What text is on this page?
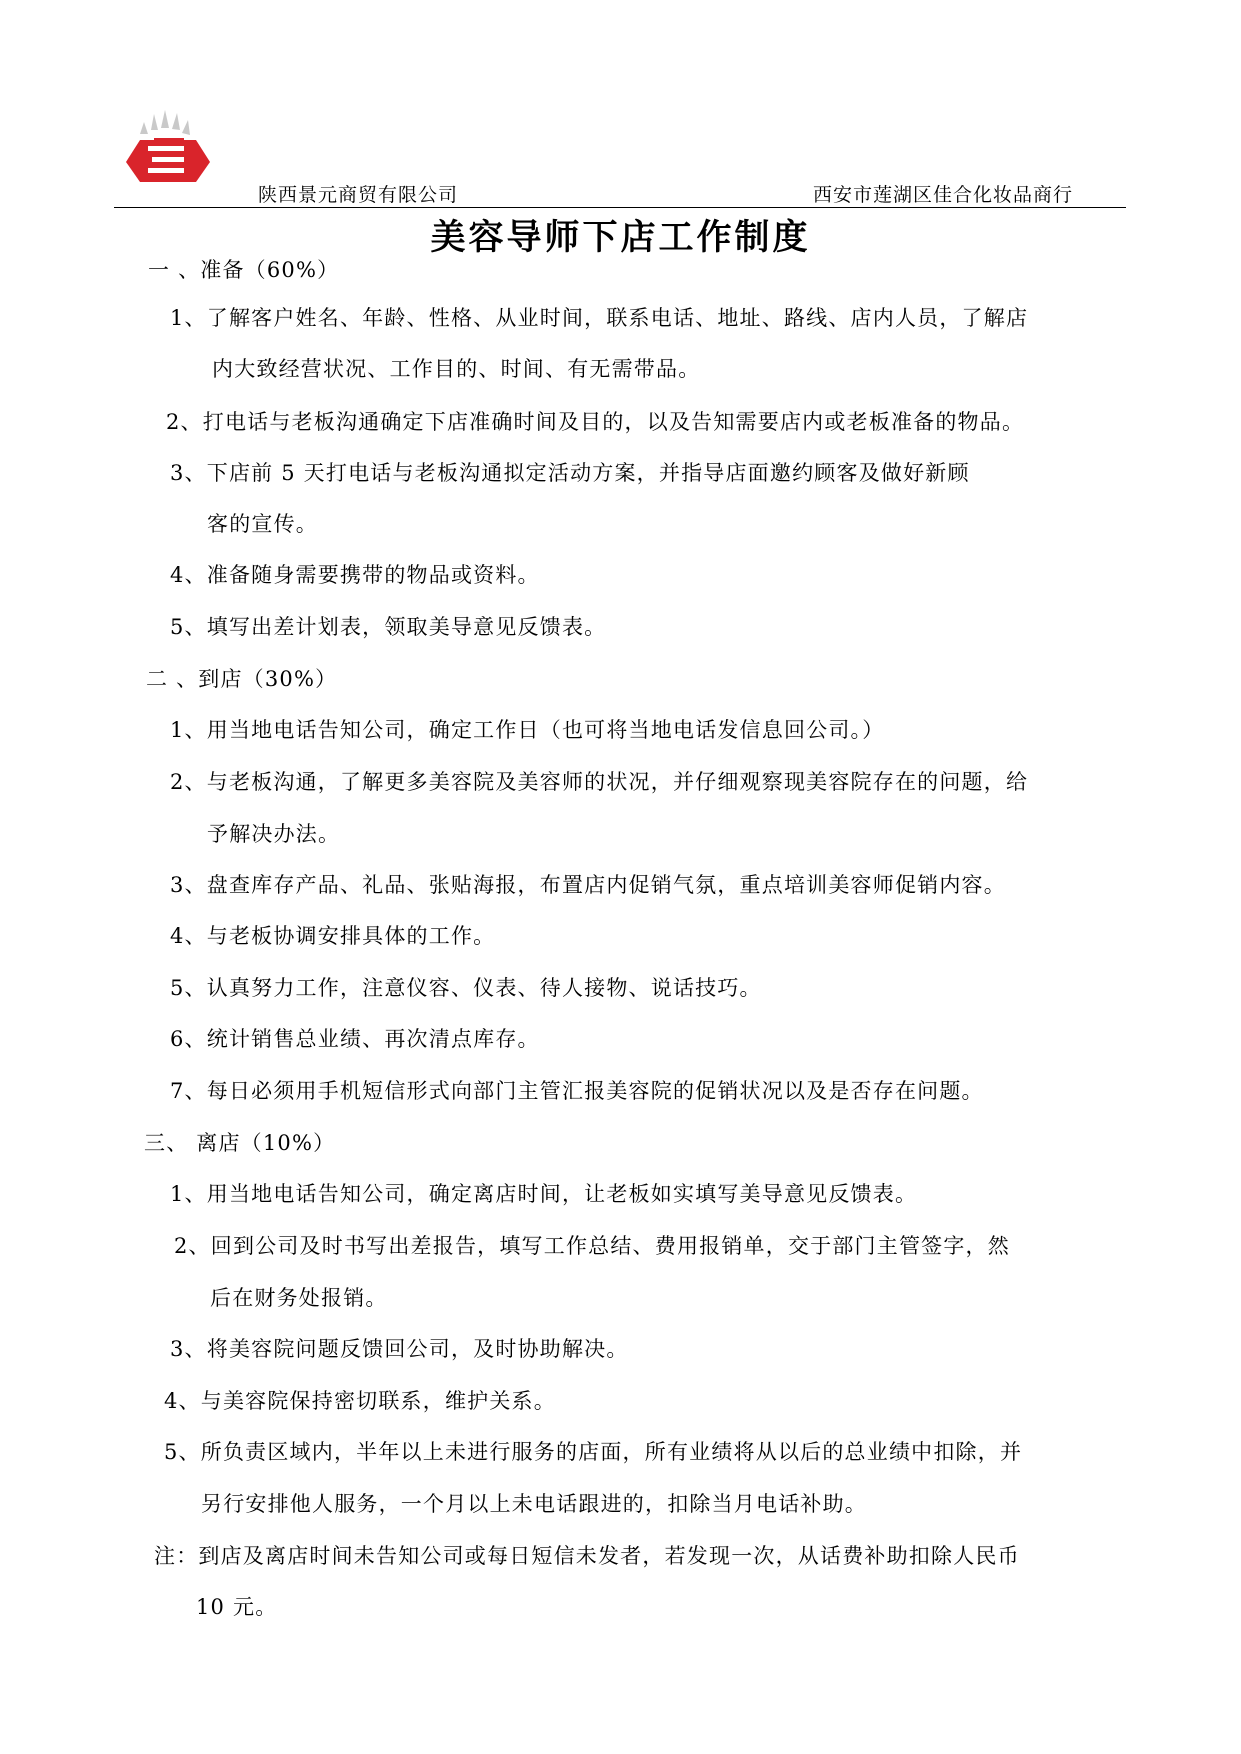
陕西景元商贸有限公司	西安市莲湖区佳合化妆品商行
美容导师下店工作制度
一 、准备（60%）
1、了解客户姓名、年龄、性格、从业时间，联系电话、地址、路线、店内人员，了解店
内大致经营状况、工作目的、时间、有无需带品。
2、打电话与老板沟通确定下店准确时间及目的，以及告知需要店内或老板准备的物品。
3、下店前 5 天打电话与老板沟通拟定活动方案，并指导店面邀约顾客及做好新顾
客的宣传。
4、准备随身需要携带的物品或资料。
5、填写出差计划表，领取美导意见反馈表。
二 、到店（30%）
1、用当地电话告知公司，确定工作日（也可将当地电话发信息回公司。）
2、与老板沟通，了解更多美容院及美容师的状况，并仔细观察现美容院存在的问题，给
予解决办法。
3、盘查库存产品、礼品、张贴海报，布置店内促销气氛，重点培训美容师促销内容。
4、与老板协调安排具体的工作。
5、认真努力工作，注意仪容、仪表、待人接物、说话技巧。
6、统计销售总业绩、再次清点库存。
7、每日必须用手机短信形式向部门主管汇报美容院的促销状况以及是否存在问题。
三、 离店（10%）
1、用当地电话告知公司，确定离店时间，让老板如实填写美导意见反馈表。
2、回到公司及时书写出差报告，填写工作总结、费用报销单，交于部门主管签字，然
后在财务处报销。
3、将美容院问题反馈回公司，及时协助解决。
4、与美容院保持密切联系，维护关系。
5、所负责区域内，半年以上未进行服务的店面，所有业绩将从以后的总业绩中扣除，并
另行安排他人服务，一个月以上未电话跟进的，扣除当月电话补助。
注：到店及离店时间未告知公司或每日短信未发者，若发现一次，从话费补助扣除人民币
10 元。
